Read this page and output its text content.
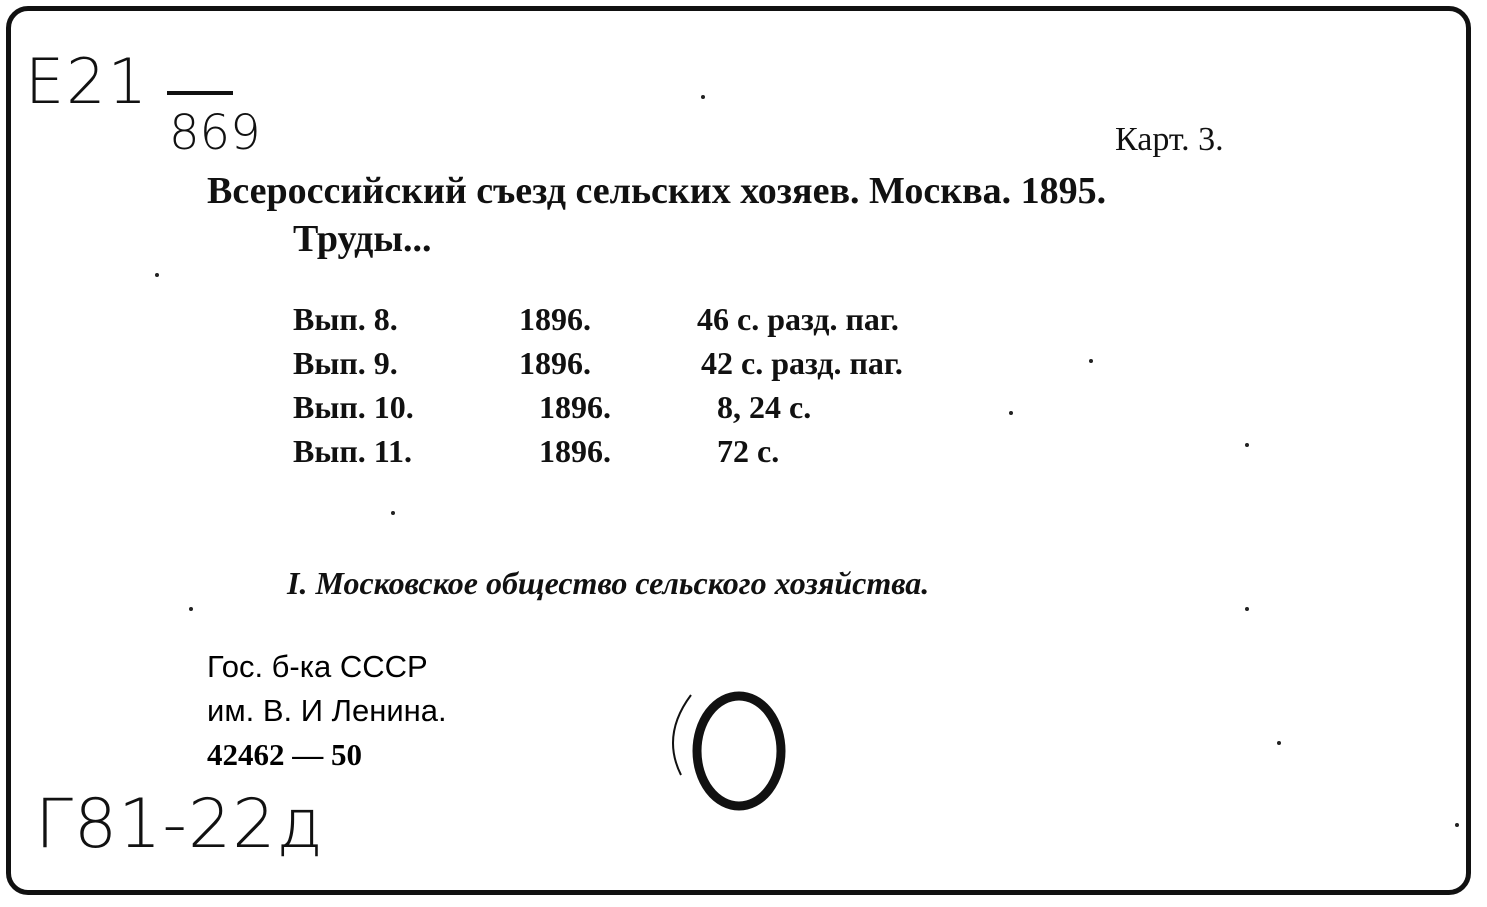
E21
869	Карт. 3.
Всероссийский съезд сельских хозяев. Москва. 1895.
Труды...
Вып. 8.	1896.	46 с. разд. паг.
Вып. 9.	1896.	42 с. разд. паг.
Вып. 10.	1896.	8, 24 с.
Вып. 11.	1896.	72 с.
I. Московское общество сельского хозяйства.
Гос. б-ка СССР
им. В. И Ленина.
42462 — 50
Г81-22д
